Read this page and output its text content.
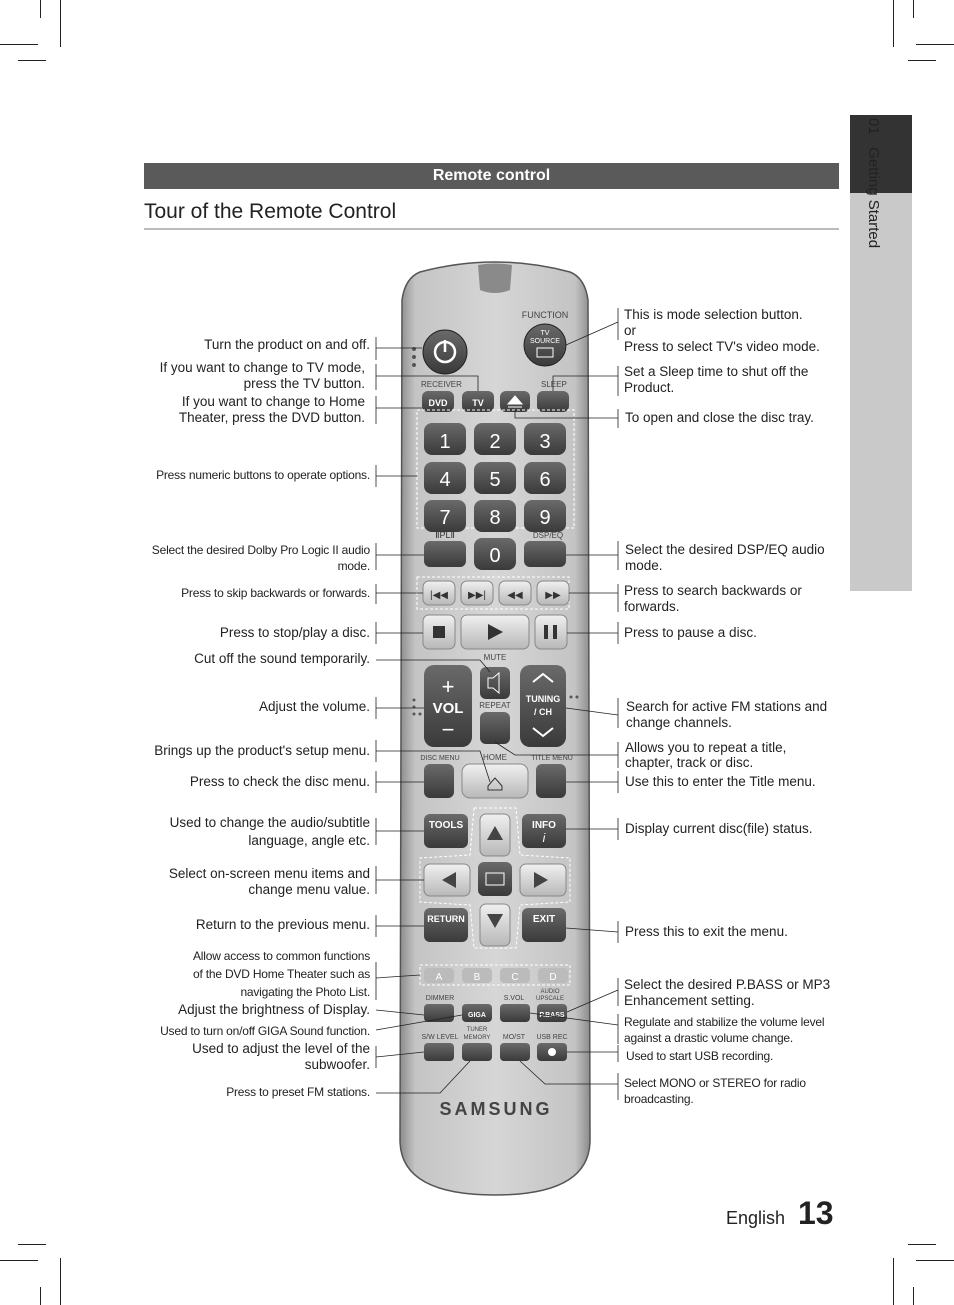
01   Getting Started
Remote control
Tour of the Remote Control
FUNCTION
TV
SOURCE
RECEIVER	SLEEP
DVD	TV
1 2 3
4 5 6
7 8 9
0
ⅡPLⅡ	DSP/EQ
|◀◀ ▶▶| ◀◀ ▶▶
MUTE
+
VOL
−
REPEAT
TUNING
/ CH
DISC MENU	HOME	TITLE MENU
TOOLS	INFO
i
RETURN	EXIT
A	B	C	D
DIMMER	S.VOL
AUDIO
UPSCALE
GIGA	P.BASS
S/W LEVEL
TUNER
MEMORY MO/ST USB REC
SAMSUNG
Turn the product on and off.
If you want to change to TV mode,
press the TV button.
If you want to change to Home
Theater, press the DVD button.
Press numeric buttons to operate options.
Select the desired Dolby Pro Logic II audio
mode.
Press to skip backwards or forwards.
Press to stop/play a disc.
Cut off the sound temporarily.
Adjust the volume.
Brings up the product's setup menu.
Press to check the disc menu.
Used to change the audio/subtitle
language, angle etc.
Select on-screen menu items and
change menu value.
Return to the previous menu.
Allow access to common functions
of the DVD Home Theater such as
navigating the Photo List.
Adjust the brightness of Display.
Used to turn on/off GIGA Sound function.
Used to adjust the level of the
subwoofer.
Press to preset FM stations.
This is mode selection button.
or
Press to select TV's video mode.
Set a Sleep time to shut off the
Product.
To open and close the disc tray.
Select the desired DSP/EQ audio
mode.
Press to search backwards or
forwards.
Press to pause a disc.
Search for active FM stations and
change channels.
Allows you to repeat a title,
chapter, track or disc.
Use this to enter the Title menu.
Display current disc(file) status.
Press this to exit the menu.
Select the desired P.BASS or MP3
Enhancement setting.
Regulate and stabilize the volume level
against a drastic volume change.
Used to start USB recording.
Select MONO or STEREO for radio
broadcasting.
English 13
